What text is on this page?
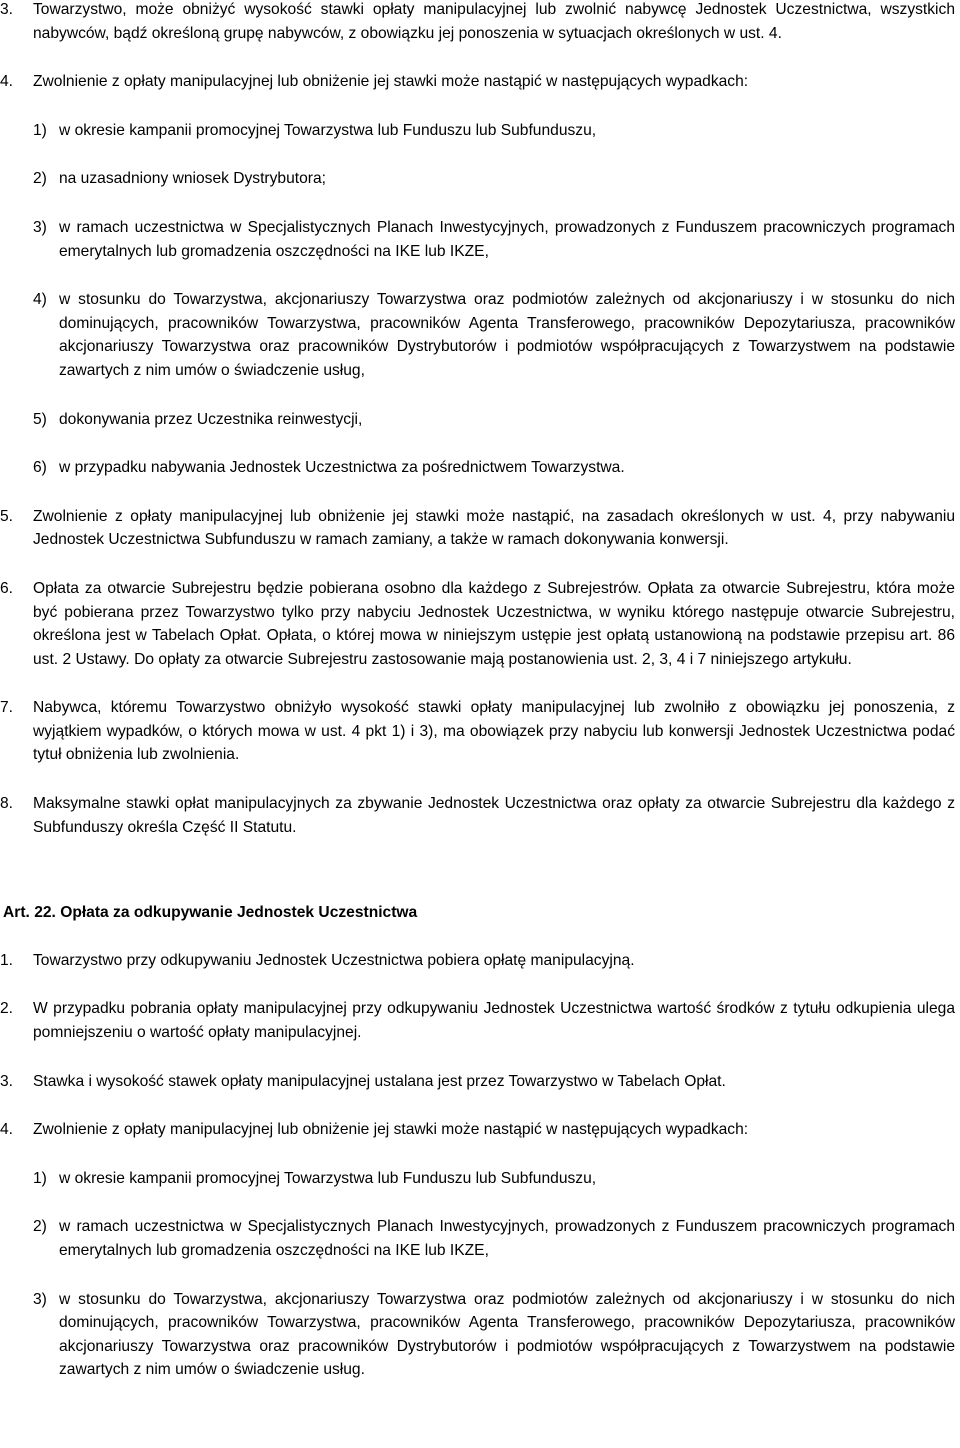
3.	Towarzystwo, może obniżyć wysokość stawki opłaty manipulacyjnej lub zwolnić nabywcę Jednostek Uczestnictwa, wszystkich nabywców, bądź określoną grupę nabywców, z obowiązku jej ponoszenia w sytuacjach określonych w ust. 4.
4.	Zwolnienie z opłaty manipulacyjnej lub obniżenie jej stawki może nastąpić w następujących wypadkach:
1) w okresie kampanii promocyjnej Towarzystwa lub Funduszu lub Subfunduszu,
2) na uzasadniony wniosek Dystrybutora;
3) w ramach uczestnictwa w Specjalistycznych Planach Inwestycyjnych, prowadzonych z Funduszem pracowniczych programach emerytalnych lub gromadzenia oszczędności na IKE lub IKZE,
4) w stosunku do Towarzystwa, akcjonariuszy Towarzystwa oraz podmiotów zależnych od akcjonariuszy i w stosunku do nich dominujących, pracowników Towarzystwa, pracowników Agenta Transferowego, pracowników Depozytariusza, pracowników akcjonariuszy Towarzystwa oraz pracowników Dystrybutorów i podmiotów współpracujących z Towarzystwem na podstawie zawartych z nim umów o świadczenie usług,
5) dokonywania przez Uczestnika reinwestycji,
6) w przypadku nabywania Jednostek Uczestnictwa za pośrednictwem Towarzystwa.
5.	Zwolnienie z opłaty manipulacyjnej lub obniżenie jej stawki może nastąpić, na zasadach określonych w ust. 4, przy nabywaniu Jednostek Uczestnictwa Subfunduszu w ramach zamiany, a także w ramach dokonywania konwersji.
6.	Opłata za otwarcie Subrejestru będzie pobierana osobno dla każdego z Subrejestrów. Opłata za otwarcie Subrejestru, która może być pobierana przez Towarzystwo tylko przy nabyciu Jednostek Uczestnictwa, w wyniku którego następuje otwarcie Subrejestru, określona jest w Tabelach Opłat. Opłata, o której mowa w niniejszym ustępie jest opłatą ustanowioną na podstawie przepisu art. 86 ust. 2 Ustawy. Do opłaty za otwarcie Subrejestru zastosowanie mają postanowienia ust. 2, 3, 4 i 7 niniejszego artykułu.
7.	Nabywca, któremu Towarzystwo obniżyło wysokość stawki opłaty manipulacyjnej lub zwolniło z obowiązku jej ponoszenia, z wyjątkiem wypadków, o których mowa w ust. 4 pkt 1) i 3), ma obowiązek przy nabyciu lub konwersji Jednostek Uczestnictwa podać tytuł obniżenia lub zwolnienia.
8.	Maksymalne stawki opłat manipulacyjnych za zbywanie Jednostek Uczestnictwa oraz opłaty za otwarcie Subrejestru dla każdego z Subfunduszy określa Część II Statutu.
Art. 22. Opłata za odkupywanie Jednostek Uczestnictwa
1.	Towarzystwo przy odkupywaniu Jednostek Uczestnictwa pobiera opłatę manipulacyjną.
2.	W przypadku pobrania opłaty manipulacyjnej przy odkupywaniu Jednostek Uczestnictwa wartość środków z tytułu odkupienia ulega pomniejszeniu o wartość opłaty manipulacyjnej.
3.	Stawka i wysokość stawek opłaty manipulacyjnej ustalana jest przez Towarzystwo w Tabelach Opłat.
4.	Zwolnienie z opłaty manipulacyjnej lub obniżenie jej stawki może nastąpić w następujących wypadkach:
1) w okresie kampanii promocyjnej Towarzystwa lub Funduszu lub Subfunduszu,
2) w ramach uczestnictwa w Specjalistycznych Planach Inwestycyjnych, prowadzonych z Funduszem pracowniczych programach emerytalnych lub gromadzenia oszczędności na IKE lub IKZE,
3) w stosunku do Towarzystwa, akcjonariuszy Towarzystwa oraz podmiotów zależnych od akcjonariuszy i w stosunku do nich dominujących, pracowników Towarzystwa, pracowników Agenta Transferowego, pracowników Depozytariusza, pracowników akcjonariuszy Towarzystwa oraz pracowników Dystrybutorów i podmiotów współpracujących z Towarzystwem na podstawie zawartych z nim umów o świadczenie usług.
